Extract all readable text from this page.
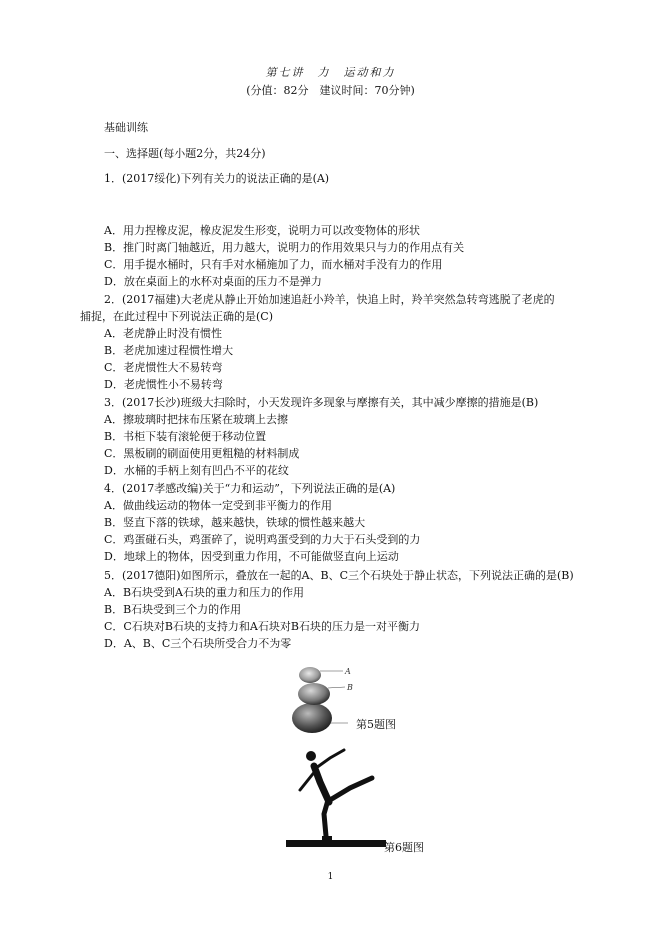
第七讲　力　运动和力
(分值：82分　建议时间：70分钟)
基础训练
一、选择题(每小题2分，共24分)
1．(2017绥化)下列有关力的说法正确的是(A)
A．用力捏橡皮泥，橡皮泥发生形变，说明力可以改变物体的形状
B．推门时离门轴越近，用力越大，说明力的作用效果只与力的作用点有关
C．用手提水桶时，只有手对水桶施加了力，而水桶对手没有力的作用
D．放在桌面上的水杯对桌面的压力不是弹力
2．(2017福建)大老虎从静止开始加速追赶小羚羊，快追上时，羚羊突然急转弯逃脱了老虎的
捕捉，在此过程中下列说法正确的是(C)
A．老虎静止时没有惯性
B．老虎加速过程惯性增大
C．老虎惯性大不易转弯
D．老虎惯性小不易转弯
3．(2017长沙)班级大扫除时，小天发现许多现象与摩擦有关，其中减少摩擦的措施是(B)
A．擦玻璃时把抹布压紧在玻璃上去擦
B．书柜下装有滚轮便于移动位置
C．黑板刷的刷面使用更粗糙的材料制成
D．水桶的手柄上刻有凹凸不平的花纹
4．(2017孝感改编)关于“力和运动”，下列说法正确的是(A)
A．做曲线运动的物体一定受到非平衡力的作用
B．竖直下落的铁球，越来越快，铁球的惯性越来越大
C．鸡蛋碰石头，鸡蛋碎了，说明鸡蛋受到的力大于石头受到的力
D．地球上的物体，因受到重力作用，不可能做竖直向上运动
5．(2017德阳)如图所示，叠放在一起的A、B、C三个石块处于静止状态，下列说法正确的是(B)
A．B石块受到A石块的重力和压力的作用
B．B石块受到三个力的作用
C．C石块对B石块的支持力和A石块对B石块的压力是一对平衡力
D．A、B、C三个石块所受合力不为零
A
B
第5题图
第6题图
1
